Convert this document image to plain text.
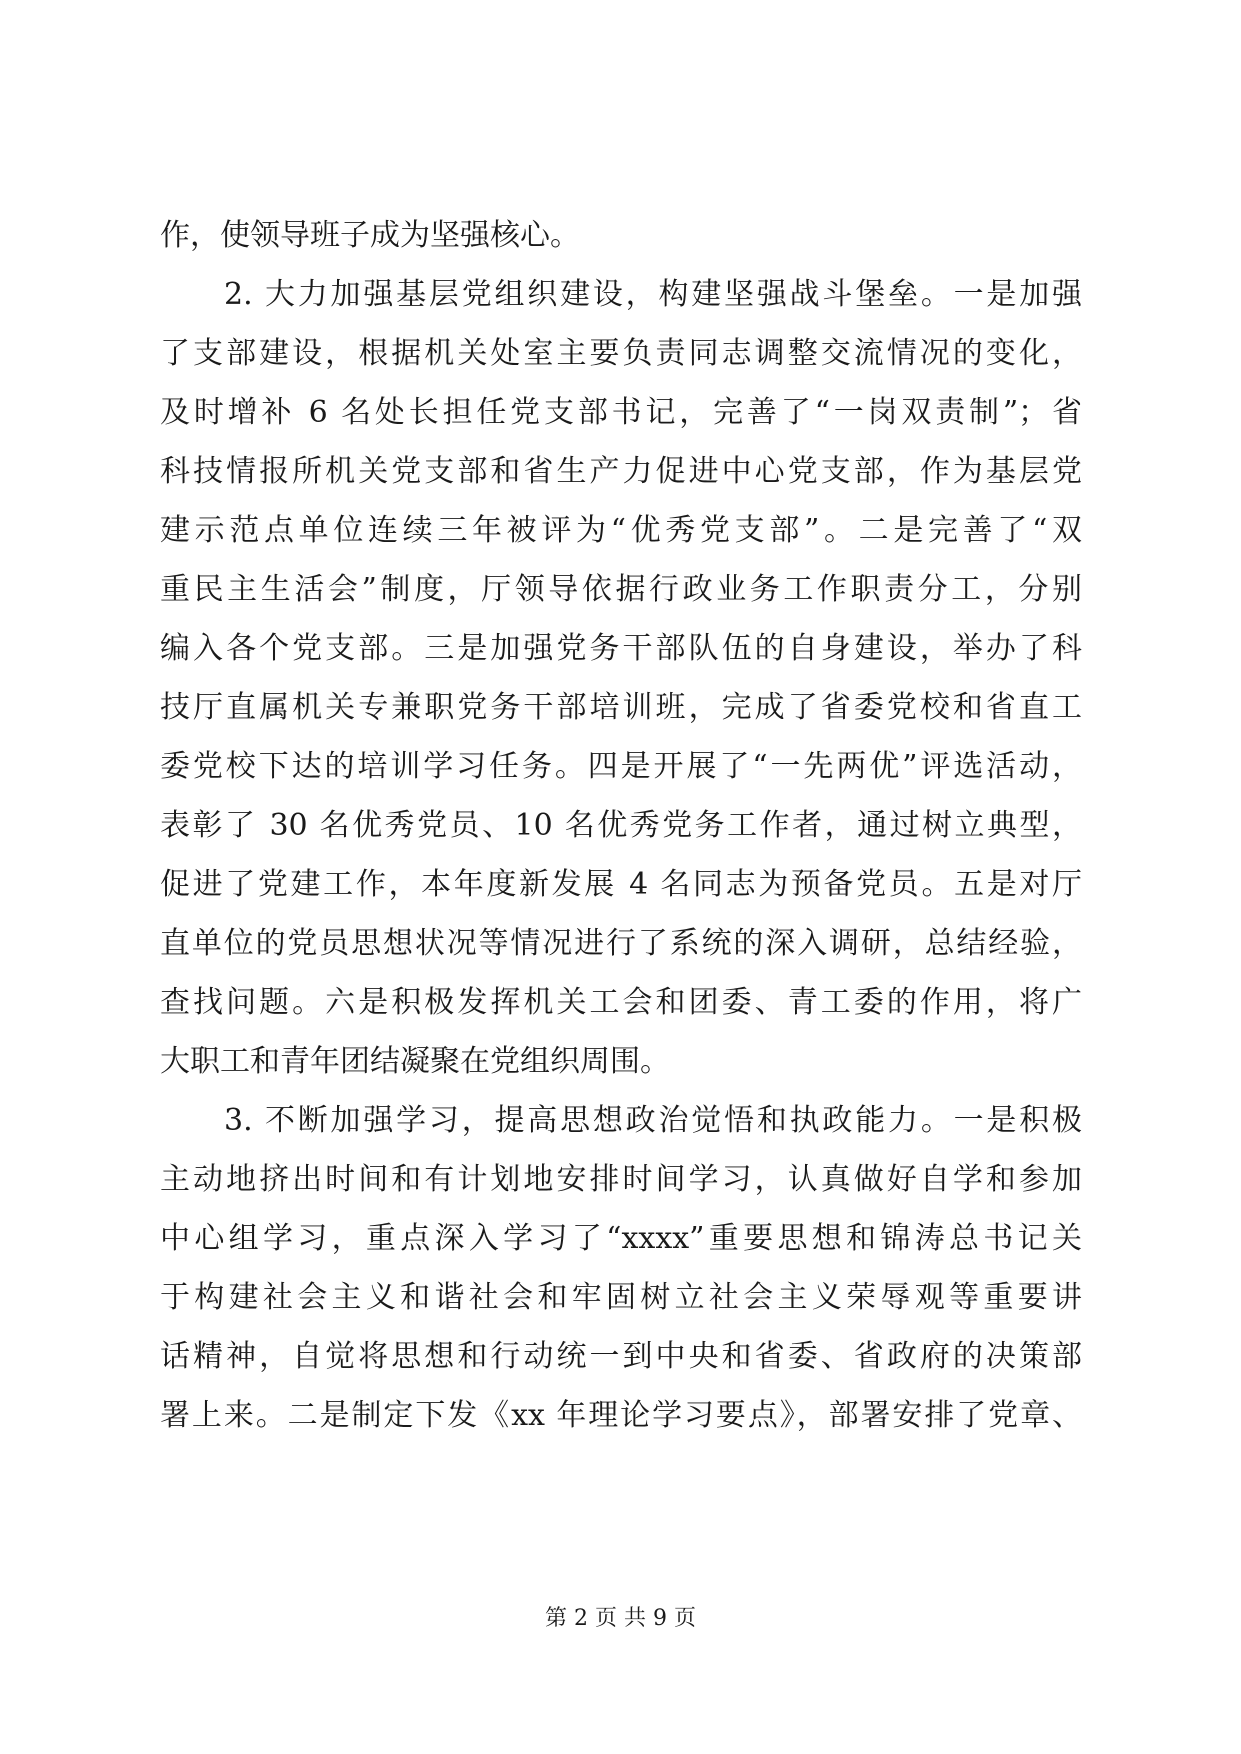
作，使领导班子成为坚强核心。
2. 大力加强基层党组织建设，构建坚强战斗堡垒。一是加强
了支部建设，根据机关处室主要负责同志调整交流情况的变化，
及时增补 6 名处长担任党支部书记，完善了“一岗双责制”；省
科技情报所机关党支部和省生产力促进中心党支部，作为基层党
建示范点单位连续三年被评为“优秀党支部”。二是完善了“双
重民主生活会”制度，厅领导依据行政业务工作职责分工，分别
编入各个党支部。三是加强党务干部队伍的自身建设，举办了科
技厅直属机关专兼职党务干部培训班，完成了省委党校和省直工
委党校下达的培训学习任务。四是开展了“一先两优”评选活动，
表彰了 30 名优秀党员、10 名优秀党务工作者，通过树立典型，
促进了党建工作，本年度新发展 4 名同志为预备党员。五是对厅
直单位的党员思想状况等情况进行了系统的深入调研，总结经验，
查找问题。六是积极发挥机关工会和团委、青工委的作用，将广
大职工和青年团结凝聚在党组织周围。
3. 不断加强学习，提高思想政治觉悟和执政能力。一是积极
主动地挤出时间和有计划地安排时间学习，认真做好自学和参加
中心组学习，重点深入学习了“xxxx”重要思想和锦涛总书记关
于构建社会主义和谐社会和牢固树立社会主义荣辱观等重要讲
话精神，自觉将思想和行动统一到中央和省委、省政府的决策部
署上来。二是制定下发《xx 年理论学习要点》，部署安排了党章、
第 2 页 共 9 页
